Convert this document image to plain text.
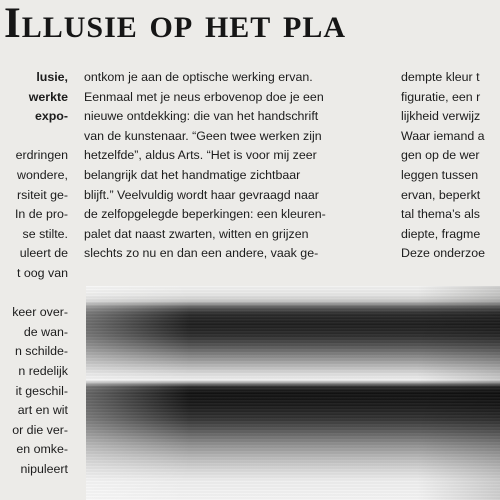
Illusie op het pla
lusie,
werkte
expo-
erdringen
wondere,
rsiteit ge-
In de pro-
se stilte.
uleert de
t oog van
keer over-
de wan-
n schilde-
n redelijk
it geschil-
art en wit
or die ver-
en omke-
nipuleert
ontkom je aan de optische werking ervan.
Eenmaal met je neus erbovenop doe je een
nieuwe ontdekking: die van het handschrift
van de kunstenaar. “Geen twee werken zijn
hetzelfde”, aldus Arts. “Het is voor mij zeer
belangrijk dat het handmatige zichtbaar
blijft.” Veelvuldig wordt haar gevraagd naar
de zelfopgelegde beperkingen: een kleuren-
palet dat naast zwarten, witten en grijzen
slechts zo nu en dan een andere, vaak ge-
dempte kleur t
figuratie, een r
lijkheid verwijz
Waar iemand a
gen op de wer
leggen tussen
ervan, beperkt
tal thema’s als
diepte, fragme
Deze onderzoe
